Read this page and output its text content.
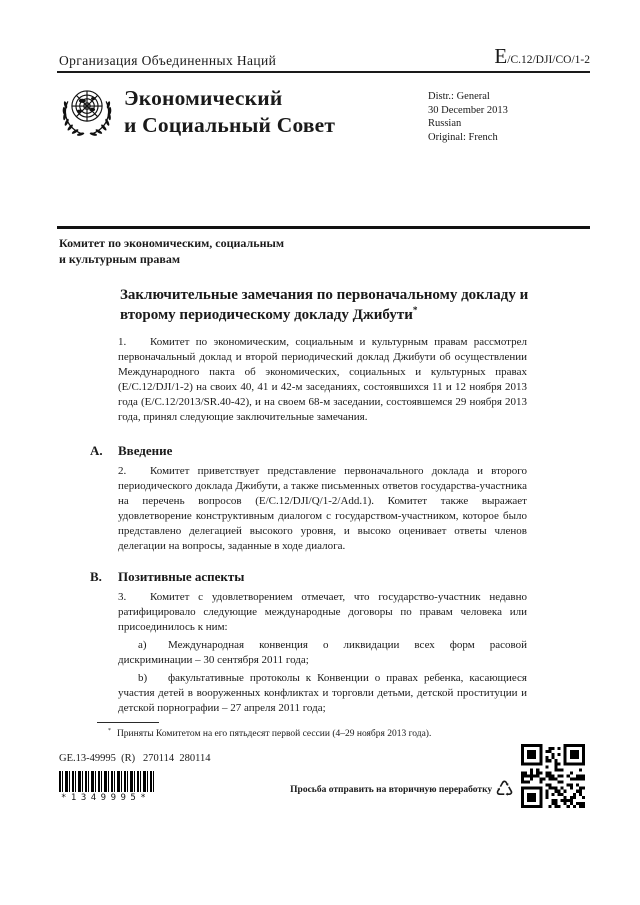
Организация Объединенных Наций	E/C.12/DJI/CO/1-2
Экономический
и Социальный Совет
Distr.: General
30 December 2013
Russian
Original: French
Комитет по экономическим, социальным
и культурным правам
Заключительные замечания по первоначальному докладу и второму периодическому докладу Джибути*

1. Комитет по экономическим, социальным и культурным правам рассмотрел первоначальный доклад и второй периодический доклад Джибути об осуществлении Международного пакта об экономических, социальных и культурных правах (E/C.12/DJI/1-2) на своих 40, 41 и 42-м заседаниях, состоявшихся 11 и 12 ноября 2013 года (E/C.12/2013/SR.40-42), и на своем 68-м заседании, состоявшемся 29 ноября 2013 года, принял следующие заключительные замечания.

A.	Введение

2. Комитет приветствует представление первоначального доклада и второго периодического доклада Джибути, а также письменных ответов государства-участника на перечень вопросов (E/C.12/DJI/Q/1-2/Add.1). Комитет также выражает удовлетворение конструктивным диалогом с государством-участником, которое было представлено делегацией высокого уровня, и высоко оценивает ответы членов делегации на вопросы, заданные в ходе диалога.

B.	Позитивные аспекты

3. Комитет с удовлетворением отмечает, что государство-участник недавно ратифицировало следующие международные договоры по правам человека или присоединилось к ним:

a) Международная конвенция о ликвидации всех форм расовой дискриминации – 30 сентября 2011 года;

b) факультативные протоколы к Конвенции о правах ребенка, касающиеся участия детей в вооруженных конфликтах и торговли детьми, детской проституции и детской порнографии – 27 апреля 2011 года;

* Приняты Комитетом на его пятьдесят первой сессии (4–29 ноября 2013 года).
GE.13-49995  (R)   270114  280114
*1349995*
Просьба отправить на вторичную переработку ♺
